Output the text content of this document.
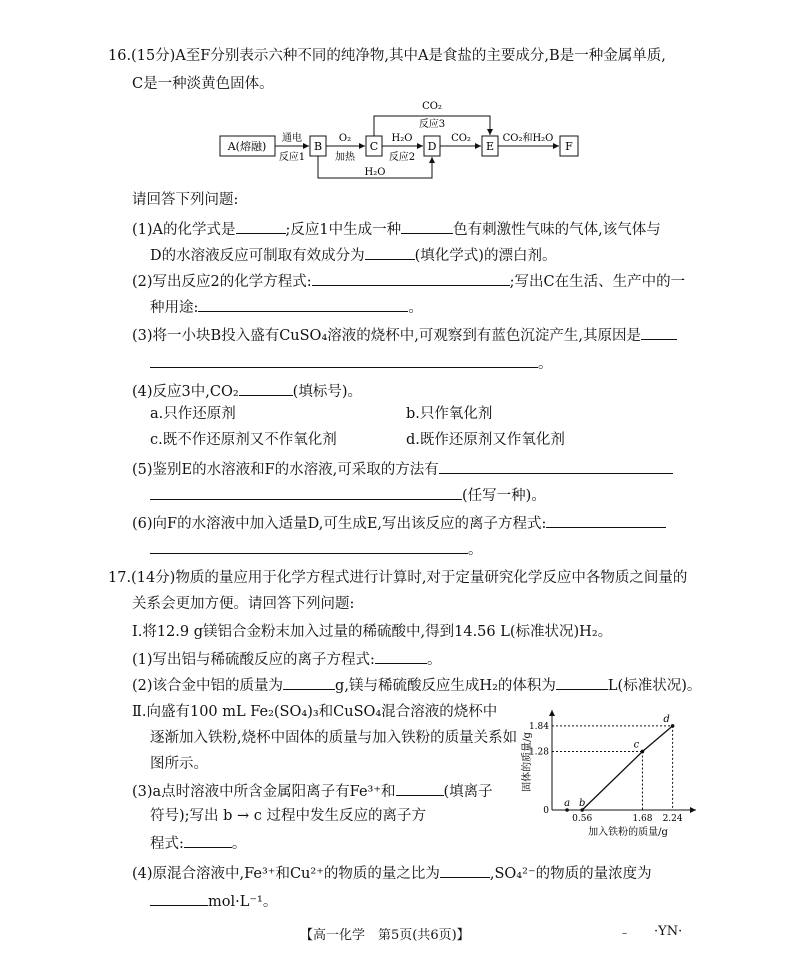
16.(15分)A至F分别表示六种不同的纯净物,其中A是食盐的主要成分,B是一种金属单质,
C是一种淡黄色固体。
A(熔融)	B	C	D	E	F
通电
反应1
O₂
加热
H₂O
反应2
CO₂	CO₂和H₂O
CO₂
反应3
H₂O
请回答下列问题:
(1)A的化学式是	;反应1中生成一种	色有刺激性气味的气体,该气体与
D的水溶液反应可制取有效成分为	(填化学式)的漂白剂。
(2)写出反应2的化学方程式:	;写出C在生活、生产中的一
种用途:	。
(3)将一小块B投入盛有CuSO₄溶液的烧杯中,可观察到有蓝色沉淀产生,其原因是
。
(4)反应3中,CO₂	(填标号)。
a.只作还原剂	b.只作氧化剂
c.既不作还原剂又不作氧化剂	d.既作还原剂又作氧化剂
(5)鉴别E的水溶液和F的水溶液,可采取的方法有
(任写一种)。
(6)向F的水溶液中加入适量D,可生成E,写出该反应的离子方程式:
。
17.(14分)物质的量应用于化学方程式进行计算时,对于定量研究化学反应中各物质之间量的
关系会更加方便。请回答下列问题:
Ⅰ.将12.9 g镁铝合金粉末加入过量的稀硫酸中,得到14.56 L(标准状况)H₂。
(1)写出铝与稀硫酸反应的离子方程式:	。
(2)该合金中铝的质量为	g,镁与稀硫酸反应生成H₂的体积为	L(标准状况)。
Ⅱ.向盛有100 mL Fe₂(SO₄)₃和CuSO₄混合溶液的烧杯中
逐渐加入铁粉,烧杯中固体的质量与加入铁粉的质量关系如
图所示。
(3)a点时溶液中所含金属阳离子有Fe³⁺和	(填离子
符号);写出 b → c 过程中发生反应的离子方
程式:	。
(4)原混合溶液中,Fe³⁺和Cu²⁺的物质的量之比为	,SO₄²⁻的物质的量浓度为
mol·L⁻¹。
a b
c
d
0.56	1.68 2.24
1.28
1.84
固体的质量/g
加入铁粉的质量/g
0
【高一化学　第5页(共6页)】	– ·YN·
